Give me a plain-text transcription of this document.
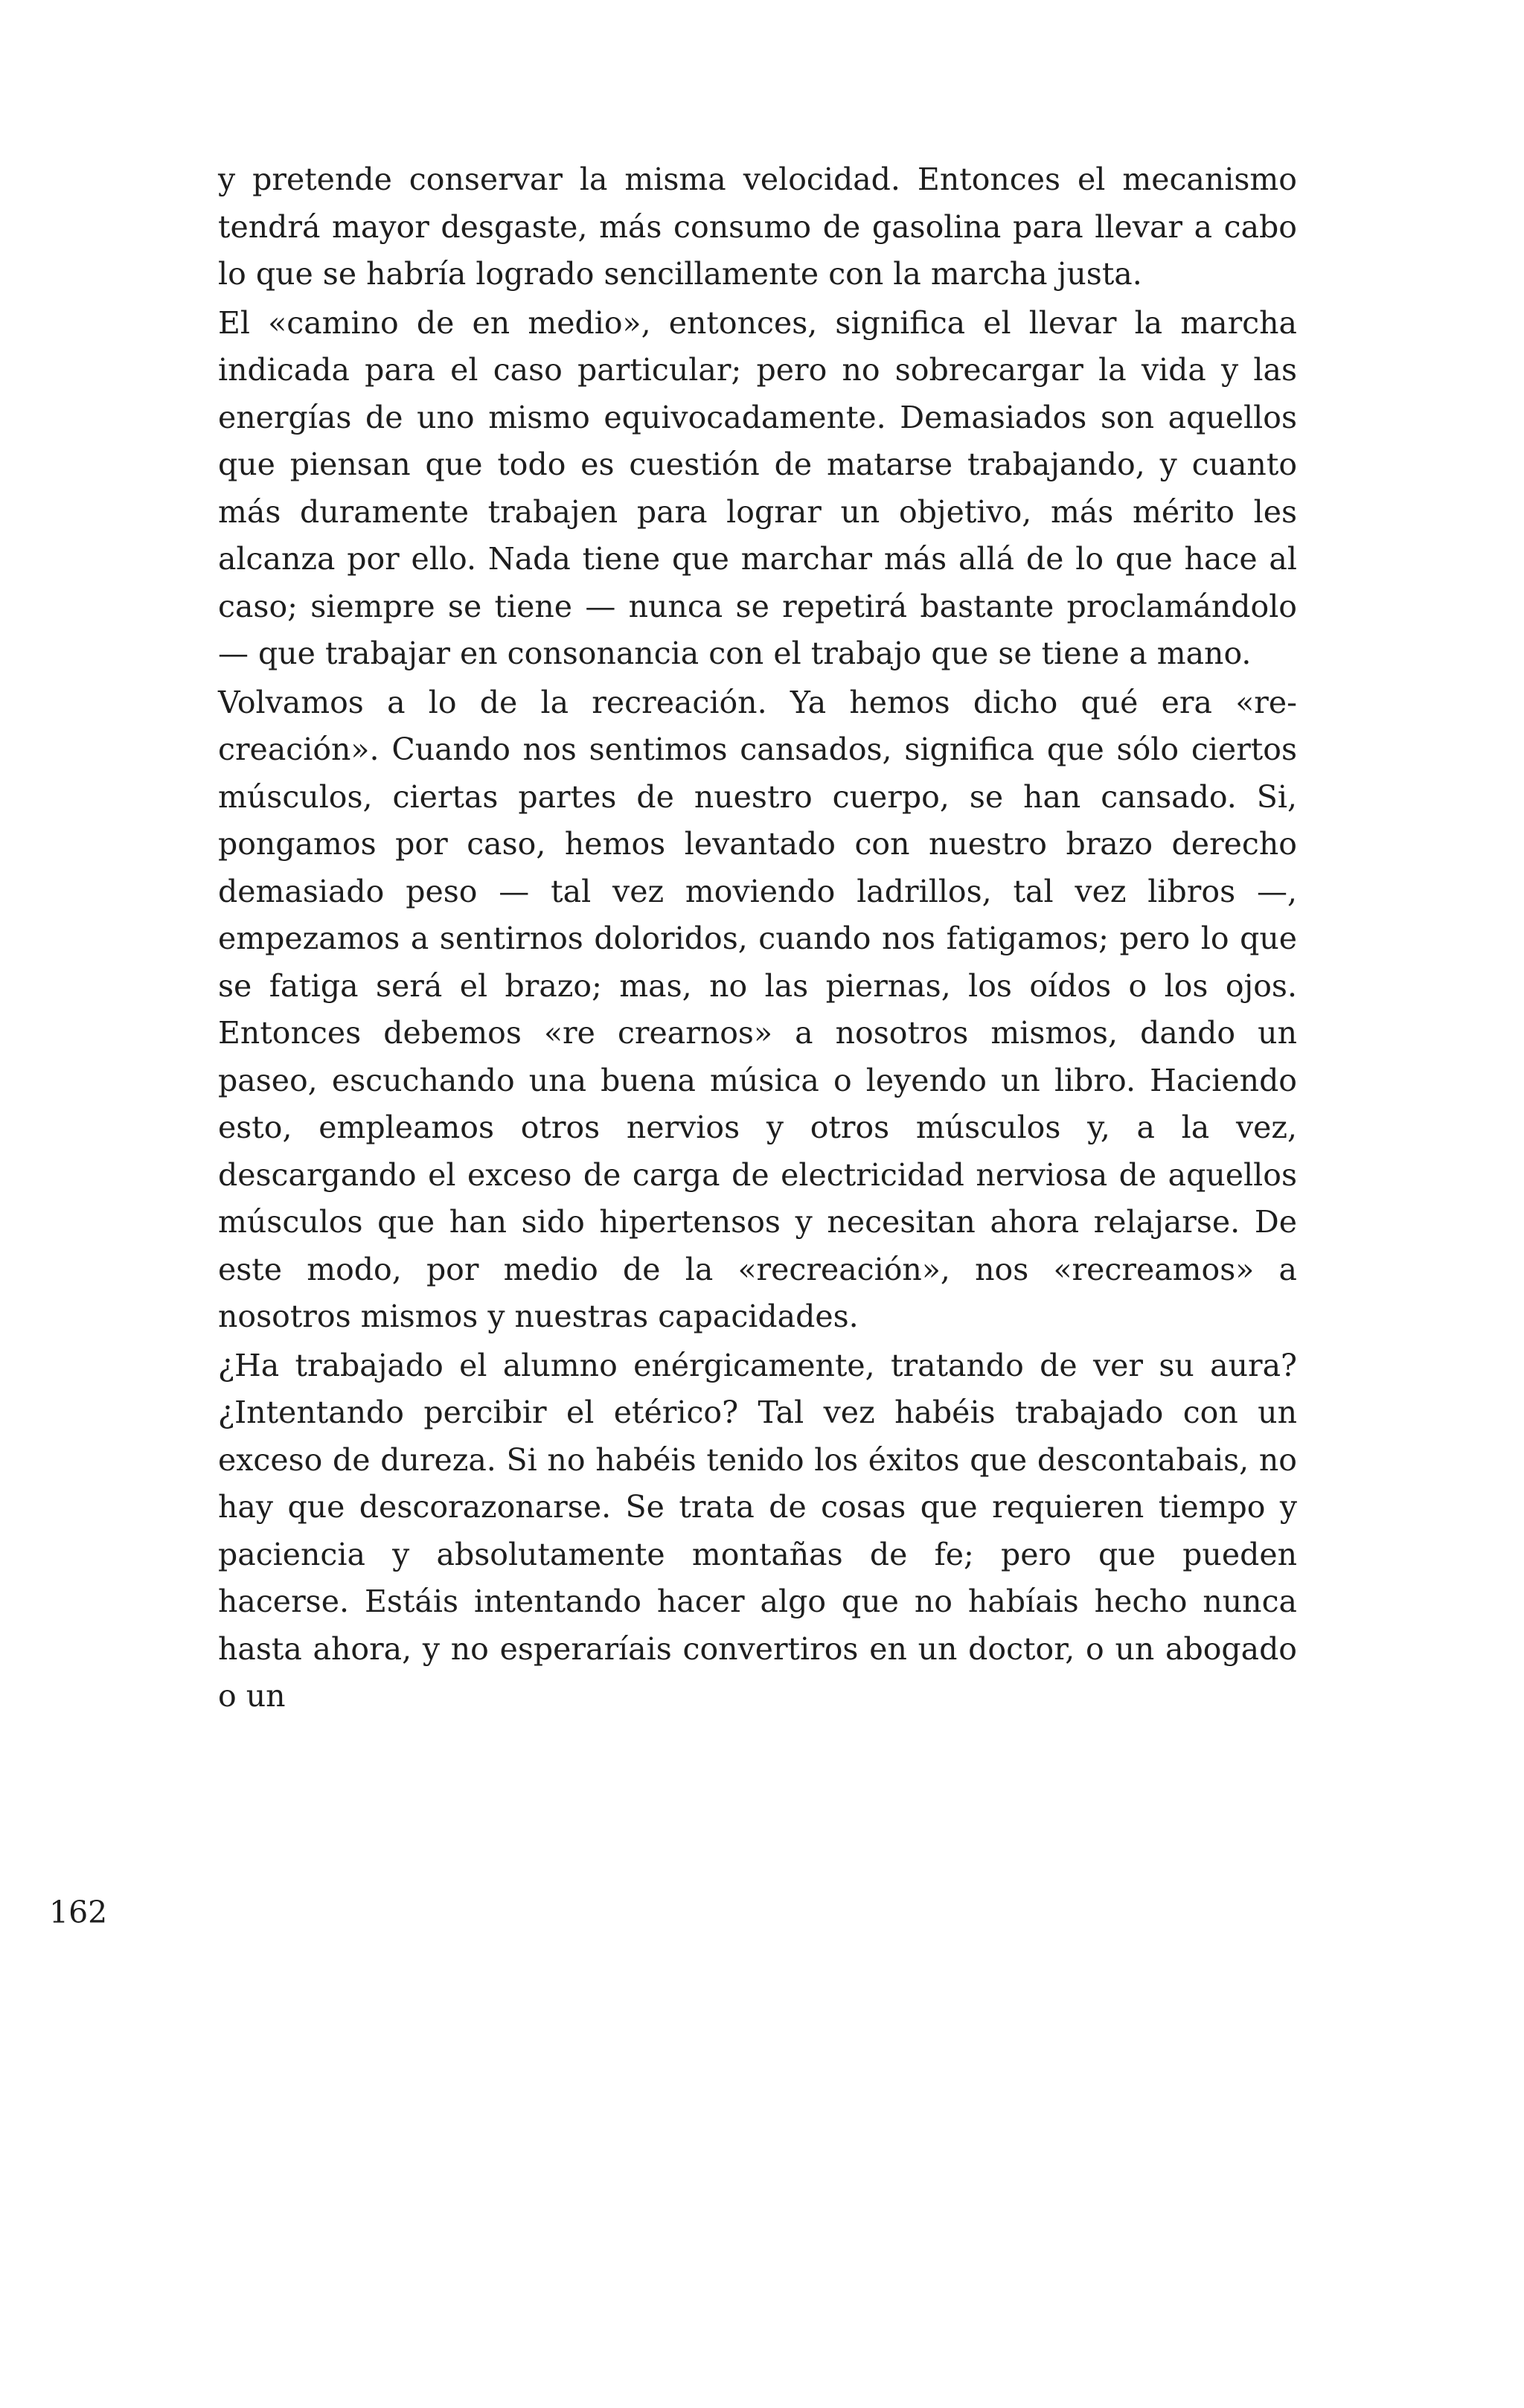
y pretende conservar la misma velocidad. Entonces el mecanismo tendrá mayor desgaste, más consumo de gasolina para llevar a cabo lo que se habría logrado sencillamente con la marcha justa.

El «camino de en medio», entonces, significa el llevar la marcha indicada para el caso particular; pero no sobrecargar la vida y las energías de uno mismo equivocadamente. Demasiados son aquellos que piensan que todo es cuestión de matarse trabajando, y cuanto más duramente trabajen para lograr un objetivo, más mérito les alcanza por ello. Nada tiene que marchar más allá de lo que hace al caso; siempre se tiene — nunca se repetirá bastante proclamándolo — que trabajar en consonancia con el trabajo que se tiene a mano.

Volvamos a lo de la recreación. Ya hemos dicho qué era «re-creación». Cuando nos sentimos cansados, significa que sólo ciertos músculos, ciertas partes de nuestro cuerpo, se han cansado. Si, pongamos por caso, hemos levantado con nuestro brazo derecho demasiado peso — tal vez moviendo ladrillos, tal vez libros —, empezamos a sentirnos doloridos, cuando nos fatigamos; pero lo que se fatiga será el brazo; mas, no las piernas, los oídos o los ojos. Entonces debemos «re crearnos» a nosotros mismos, dando un paseo, escuchando una buena música o leyendo un libro. Haciendo esto, empleamos otros nervios y otros músculos y, a la vez, descargando el exceso de carga de electricidad nerviosa de aquellos músculos que han sido hipertensos y necesitan ahora relajarse. De este modo, por medio de la «recreación», nos «recreamos» a nosotros mismos y nuestras capacidades.

¿Ha trabajado el alumno enérgicamente, tratando de ver su aura? ¿Intentando percibir el etérico? Tal vez habéis trabajado con un exceso de dureza. Si no habéis tenido los éxitos que descontabais, no hay que descorazonarse. Se trata de cosas que requieren tiempo y paciencia y absolutamente montañas de fe; pero que pueden hacerse. Estáis intentando hacer algo que no habíais hecho nunca hasta ahora, y no esperaríais convertiros en un doctor, o un abogado o un

162
